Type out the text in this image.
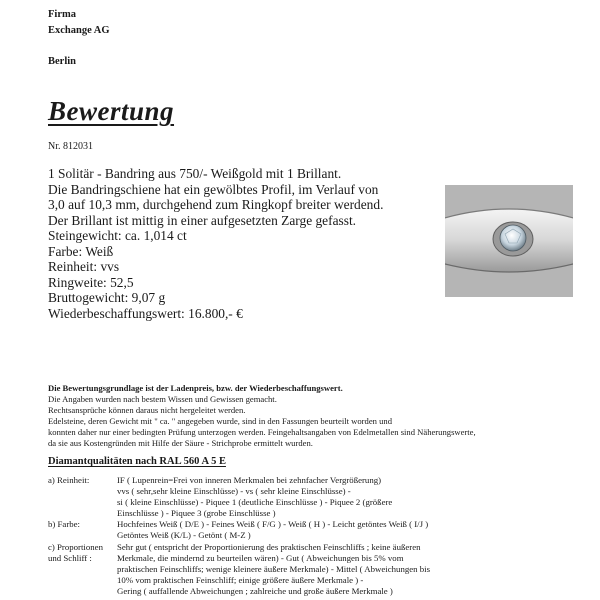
Firma
Exchange AG
Berlin
Bewertung
Nr. 812031
1 Solitär - Bandring aus 750/- Weißgold mit 1 Brillant.
Die Bandringschiene hat ein gewölbtes Profil, im Verlauf von
3,0 auf 10,3 mm, durchgehend zum Ringkopf breiter werdend.
Der Brillant ist mittig in einer aufgesetzten Zarge gefasst.
Steingewicht: ca. 1,014 ct
Farbe: Weiß
Reinheit: vvs
Ringweite: 52,5
Bruttogewicht: 9,07 g
Wiederbeschaffungswert: 16.800,- €
Die Bewertungsgrundlage ist der Ladenpreis, bzw. der Wiederbeschaffungswert.
Die Angaben wurden nach bestem Wissen und Gewissen gemacht.
Rechtsansprüche können daraus nicht hergeleitet werden.
Edelsteine, deren Gewicht mit " ca. " angegeben wurde, sind in den Fassungen beurteilt worden und
konnten daher nur einer bedingten Prüfung unterzogen werden. Feingehaltsangaben von Edelmetallen sind Näherungswerte,
da sie aus Kostengründen mit Hilfe der Säure - Strichprobe ermittelt wurden.
Diamantqualitäten nach RAL 560 A 5 E
a) Reinheit:	IF ( Lupenrein=Frei von inneren Merkmalen bei zehnfacher Vergrößerung)
vvs ( sehr,sehr kleine Einschlüsse) - vs ( sehr kleine Einschlüsse) -
si ( kleine Einschlüsse) - Piquee 1 (deutliche Einschlüsse ) - Piquee 2 (größere
Einschlüsse ) - Piquee 3 (grobe Einschlüsse )
b) Farbe:	Hochfeines Weiß ( D/E ) - Feines Weiß ( F/G ) - Weiß ( H ) - Leicht getöntes Weiß ( I/J )
Getöntes Weiß (K/L) - Getönt ( M-Z )
c) Proportionen
und Schliff :
Sehr gut ( entspricht der Proportionierung des praktischen Feinschliffs ; keine äußeren
Merkmale, die mindernd zu beurteilen wären) - Gut ( Abweichungen bis 5% vom
praktischen Feinschliffs; wenige kleinere äußere Merkmale) - Mittel ( Abweichungen bis
10% vom praktischen Feinschliff; einige größere äußere Merkmale ) -
Gering ( auffallende Abweichungen ; zahlreiche und große äußere Merkmale )
